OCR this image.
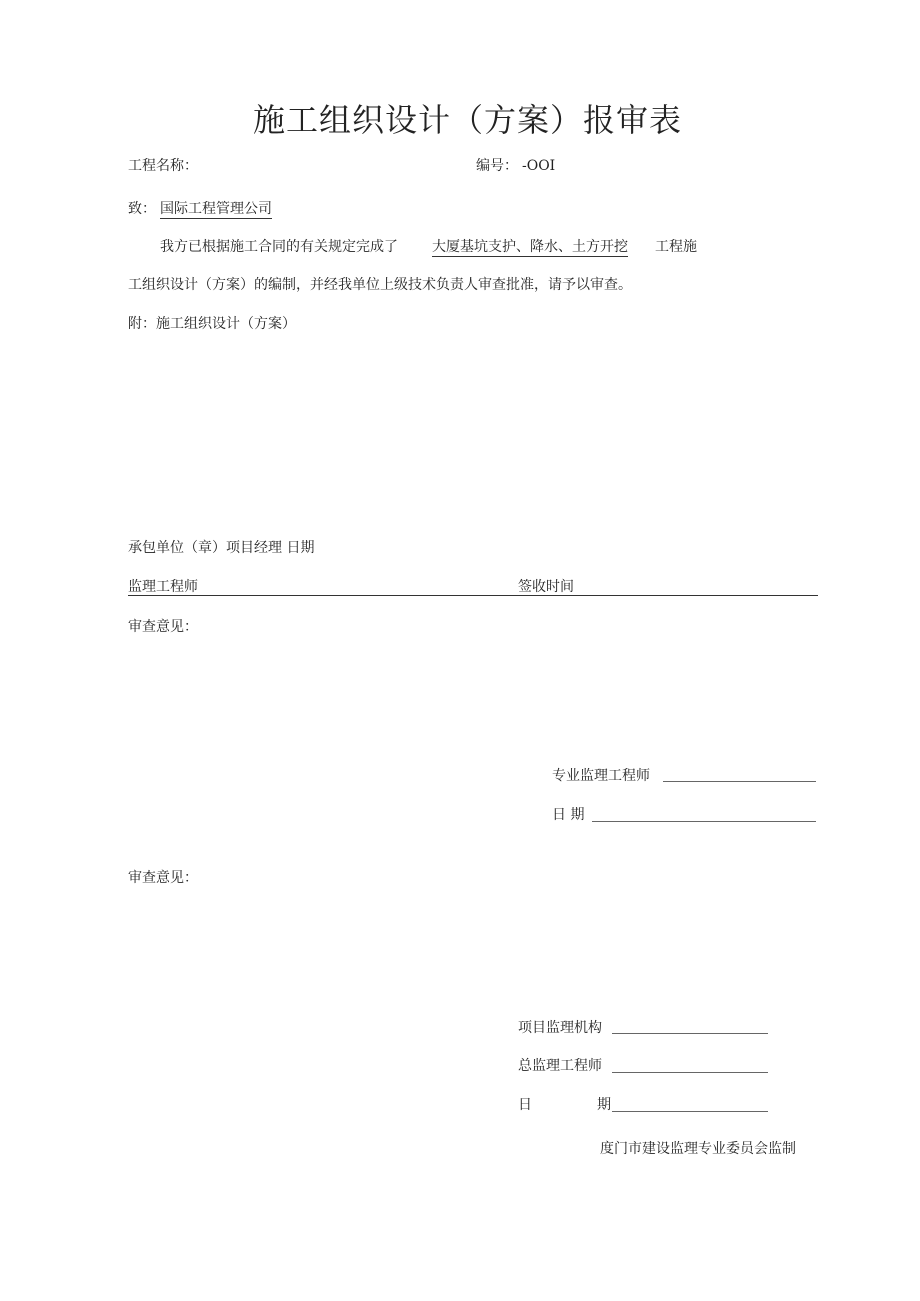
施工组织设计（方案）报审表
工程名称：	编号： -OOI
致： 国际工程管理公司
我方已根据施工合同的有关规定完成了 大厦基坑支护、降水、土方开挖 工程施
工组织设计（方案）的编制，并经我单位上级技术负责人审查批准，请予以审查。
附：施工组织设计（方案）
承包单位（章）项目经理 日期
监理工程师	签收时间
审查意见：
专业监理工程师
日 期
审查意见：
项目监理机构
总监理工程师
日	期
度门市建设监理专业委员会监制
